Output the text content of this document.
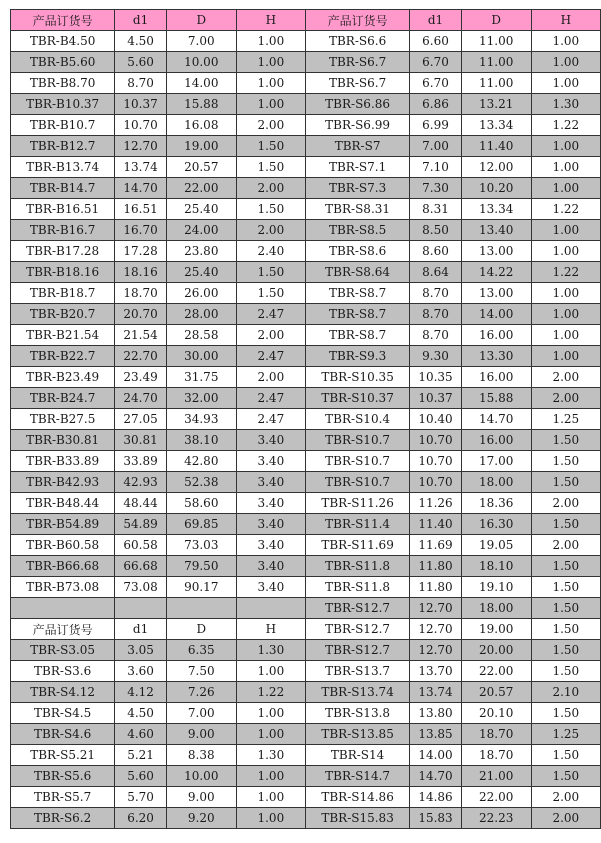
产品订货号	d1	D	H	产品订货号	d1	D	H
TBR-B4.50	4.50	7.00	1.00	TBR-S6.6	6.60	11.00	1.00
TBR-B5.60	5.60	10.00	1.00	TBR-S6.7	6.70	11.00	1.00
TBR-B8.70	8.70	14.00	1.00	TBR-S6.7	6.70	11.00	1.00
TBR-B10.37	10.37	15.88	1.00	TBR-S6.86	6.86	13.21	1.30
TBR-B10.7	10.70	16.08	2.00	TBR-S6.99	6.99	13.34	1.22
TBR-B12.7	12.70	19.00	1.50	TBR-S7	7.00	11.40	1.00
TBR-B13.74	13.74	20.57	1.50	TBR-S7.1	7.10	12.00	1.00
TBR-B14.7	14.70	22.00	2.00	TBR-S7.3	7.30	10.20	1.00
TBR-B16.51	16.51	25.40	1.50	TBR-S8.31	8.31	13.34	1.22
TBR-B16.7	16.70	24.00	2.00	TBR-S8.5	8.50	13.40	1.00
TBR-B17.28	17.28	23.80	2.40	TBR-S8.6	8.60	13.00	1.00
TBR-B18.16	18.16	25.40	1.50	TBR-S8.64	8.64	14.22	1.22
TBR-B18.7	18.70	26.00	1.50	TBR-S8.7	8.70	13.00	1.00
TBR-B20.7	20.70	28.00	2.47	TBR-S8.7	8.70	14.00	1.00
TBR-B21.54	21.54	28.58	2.00	TBR-S8.7	8.70	16.00	1.00
TBR-B22.7	22.70	30.00	2.47	TBR-S9.3	9.30	13.30	1.00
TBR-B23.49	23.49	31.75	2.00	TBR-S10.35	10.35	16.00	2.00
TBR-B24.7	24.70	32.00	2.47	TBR-S10.37	10.37	15.88	2.00
TBR-B27.5	27.05	34.93	2.47	TBR-S10.4	10.40	14.70	1.25
TBR-B30.81	30.81	38.10	3.40	TBR-S10.7	10.70	16.00	1.50
TBR-B33.89	33.89	42.80	3.40	TBR-S10.7	10.70	17.00	1.50
TBR-B42.93	42.93	52.38	3.40	TBR-S10.7	10.70	18.00	1.50
TBR-B48.44	48.44	58.60	3.40	TBR-S11.26	11.26	18.36	2.00
TBR-B54.89	54.89	69.85	3.40	TBR-S11.4	11.40	16.30	1.50
TBR-B60.58	60.58	73.03	3.40	TBR-S11.69	11.69	19.05	2.00
TBR-B66.68	66.68	79.50	3.40	TBR-S11.8	11.80	18.10	1.50
TBR-B73.08	73.08	90.17	3.40	TBR-S11.8	11.80	19.10	1.50
				TBR-S12.7	12.70	18.00	1.50
产品订货号	d1	D	H	TBR-S12.7	12.70	19.00	1.50
TBR-S3.05	3.05	6.35	1.30	TBR-S12.7	12.70	20.00	1.50
TBR-S3.6	3.60	7.50	1.00	TBR-S13.7	13.70	22.00	1.50
TBR-S4.12	4.12	7.26	1.22	TBR-S13.74	13.74	20.57	2.10
TBR-S4.5	4.50	7.00	1.00	TBR-S13.8	13.80	20.10	1.50
TBR-S4.6	4.60	9.00	1.00	TBR-S13.85	13.85	18.70	1.25
TBR-S5.21	5.21	8.38	1.30	TBR-S14	14.00	18.70	1.50
TBR-S5.6	5.60	10.00	1.00	TBR-S14.7	14.70	21.00	1.50
TBR-S5.7	5.70	9.00	1.00	TBR-S14.86	14.86	22.00	2.00
TBR-S6.2	6.20	9.20	1.00	TBR-S15.83	15.83	22.23	2.00
